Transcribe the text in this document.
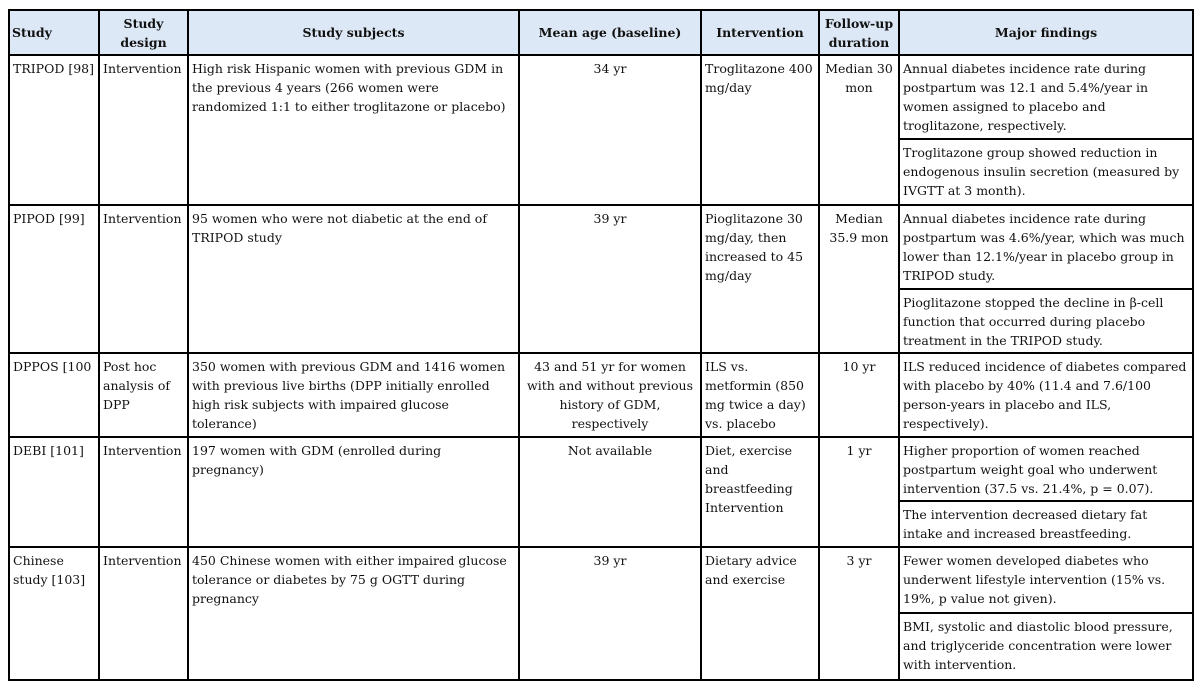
Study	Study design	Study subjects	Mean age (baseline)	Intervention	Follow-up duration	Major findings
TRIPOD [98]	Intervention	High risk Hispanic women with previous GDM in the previous 4 years (266 women were randomized 1:1 to either troglitazone or placebo)	34 yr	Troglitazone 400 mg/day	Median 30 mon	Annual diabetes incidence rate during postpartum was 12.1 and 5.4%/year in women assigned to placebo and troglitazone, respectively.
						Troglitazone group showed reduction in endogenous insulin secretion (measured by IVGTT at 3 month).
PIPOD [99]	Intervention	95 women who were not diabetic at the end of TRIPOD study	39 yr	Pioglitazone 30 mg/day, then increased to 45 mg/day	Median 35.9 mon	Annual diabetes incidence rate during postpartum was 4.6%/year, which was much lower than 12.1%/year in placebo group in TRIPOD study.
						Pioglitazone stopped the decline in β-cell function that occurred during placebo treatment in the TRIPOD study.
DPPOS [100	Post hoc analysis of DPP	350 women with previous GDM and 1416 women with previous live births (DPP initially enrolled high risk subjects with impaired glucose tolerance)	43 and 51 yr for women with and without previous history of GDM, respectively	ILS vs. metformin (850 mg twice a day) vs. placebo	10 yr	ILS reduced incidence of diabetes compared with placebo by 40% (11.4 and 7.6/100 person-years in placebo and ILS, respectively).
DEBI [101]	Intervention	197 women with GDM (enrolled during pregnancy)	Not available	Diet, exercise and breastfeeding Intervention	1 yr	Higher proportion of women reached postpartum weight goal who underwent intervention (37.5 vs. 21.4%, p = 0.07).
						The intervention decreased dietary fat intake and increased breastfeeding.
Chinese study [103]	Intervention	450 Chinese women with either impaired glucose tolerance or diabetes by 75 g OGTT during pregnancy	39 yr	Dietary advice and exercise	3 yr	Fewer women developed diabetes who underwent lifestyle intervention (15% vs. 19%, p value not given).
						BMI, systolic and diastolic blood pressure, and triglyceride concentration were lower with intervention.
